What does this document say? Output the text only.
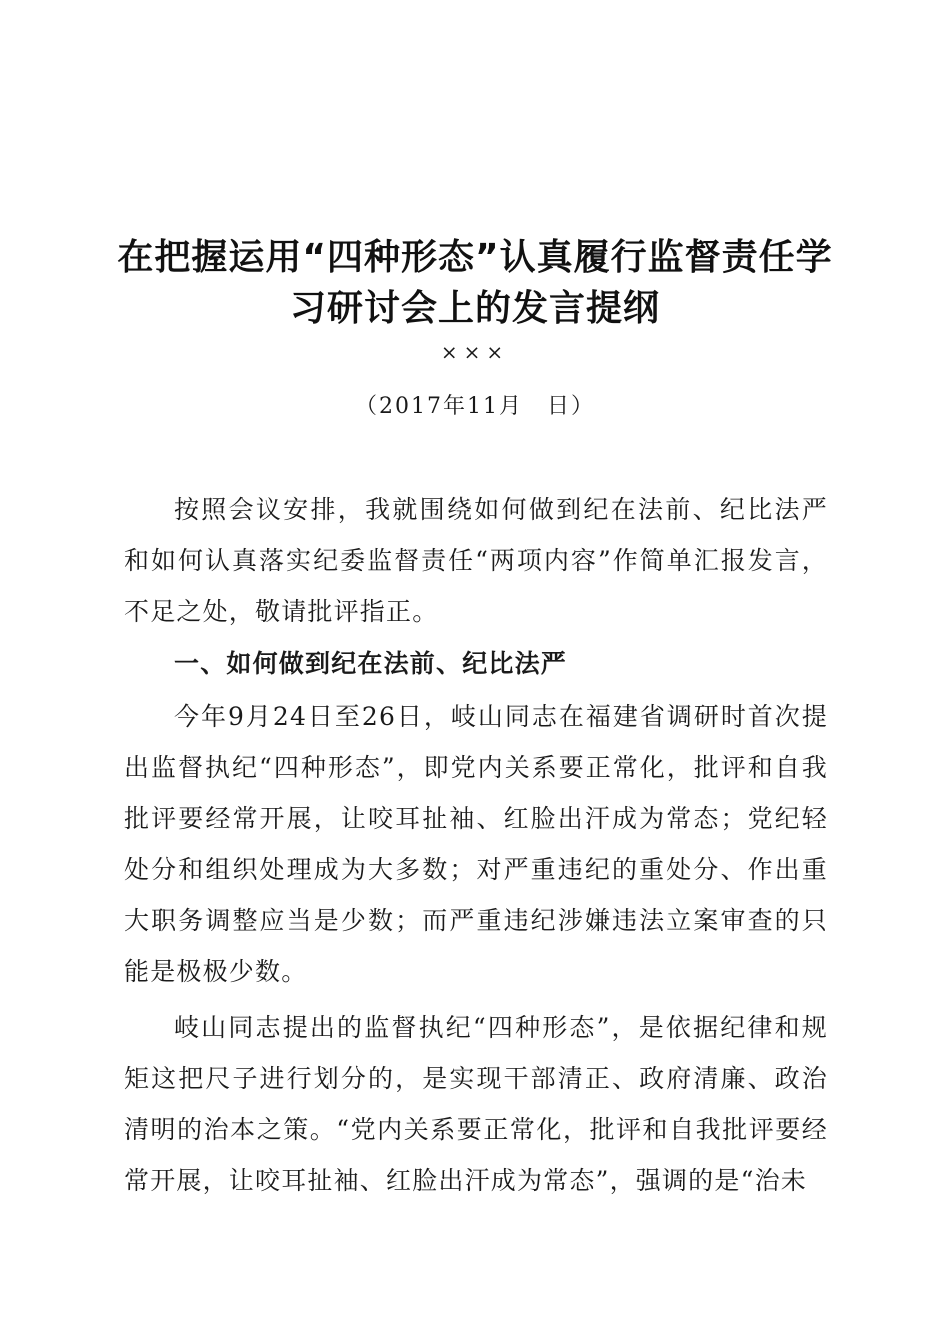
在把握运用“四种形态”认真履行监督责任学
习研讨会上的发言提纲
×××
（2017年11月　日）

按照会议安排，我就围绕如何做到纪在法前、纪比法严和如何认真落实纪委监督责任“两项内容”作简单汇报发言，不足之处，敬请批评指正。

一、如何做到纪在法前、纪比法严

今年9月24日至26日，岐山同志在福建省调研时首次提出监督执纪“四种形态”，即党内关系要正常化，批评和自我批评要经常开展，让咬耳扯袖、红脸出汗成为常态；党纪轻处分和组织处理成为大多数；对严重违纪的重处分、作出重大职务调整应当是少数；而严重违纪涉嫌违法立案审查的只能是极极少数。

岐山同志提出的监督执纪“四种形态”，是依据纪律和规矩这把尺子进行划分的，是实现干部清正、政府清廉、政治清明的治本之策。“党内关系要正常化，批评和自我批评要经常开展，让咬耳扯袖、红脸出汗成为常态”，强调的是“治未
